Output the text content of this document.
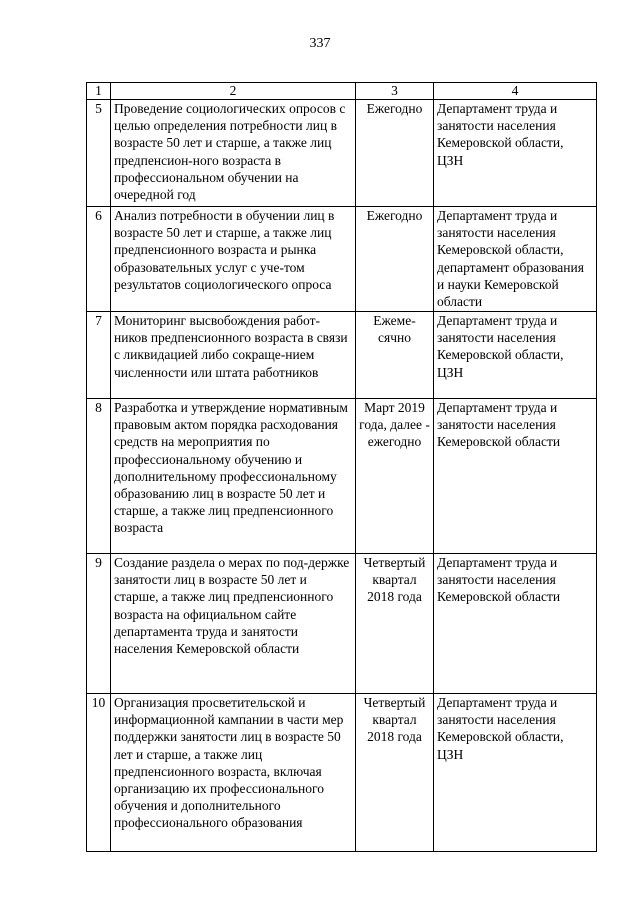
337
1	2	3	4
5	Проведение социологических опросов с целью определения потребности лиц в возрасте 50 лет и старше, а также лиц предпенсион-ного возраста в профессиональном обучении на очередной год	Ежегодно	Департамент труда и занятости населения Кемеровской области, ЦЗН
6	Анализ потребности в обучении лиц в возрасте 50 лет и старше, а также лиц предпенсионного возраста и рынка образовательных услуг с уче-том результатов социологического опроса	Ежегодно	Департамент труда и занятости населения Кемеровской области, департамент образования и науки Кемеровской области
7	Мониторинг высвобождения работ-ников предпенсионного возраста в связи с ликвидацией либо сокраще-нием численности или штата работников	Ежеме-сячно	Департамент труда и занятости населения Кемеровской области, ЦЗН
8	Разработка и утверждение нормативным правовым актом порядка расходования средств на мероприятия по профессиональному обучению и дополнительному профессиональному образованию лиц в возрасте 50 лет и старше, а также лиц предпенсионного возраста	Март 2019 года, далее - ежегодно	Департамент труда и занятости населения Кемеровской области
9	Создание раздела о мерах по под-держке занятости лиц в возрасте 50 лет и старше, а также лиц предпенсионного возраста на официальном сайте департамента труда и занятости населения Кемеровской области	Четвертый квартал 2018 года	Департамент труда и занятости населения Кемеровской области
10	Организация просветительской и информационной кампании в части мер поддержки занятости лиц в возрасте 50 лет и старше, а также лиц предпенсионного возраста, включая организацию их профессионального обучения и дополнительного профессионального образования	Четвертый квартал 2018 года	Департамент труда и занятости населения Кемеровской области, ЦЗН
